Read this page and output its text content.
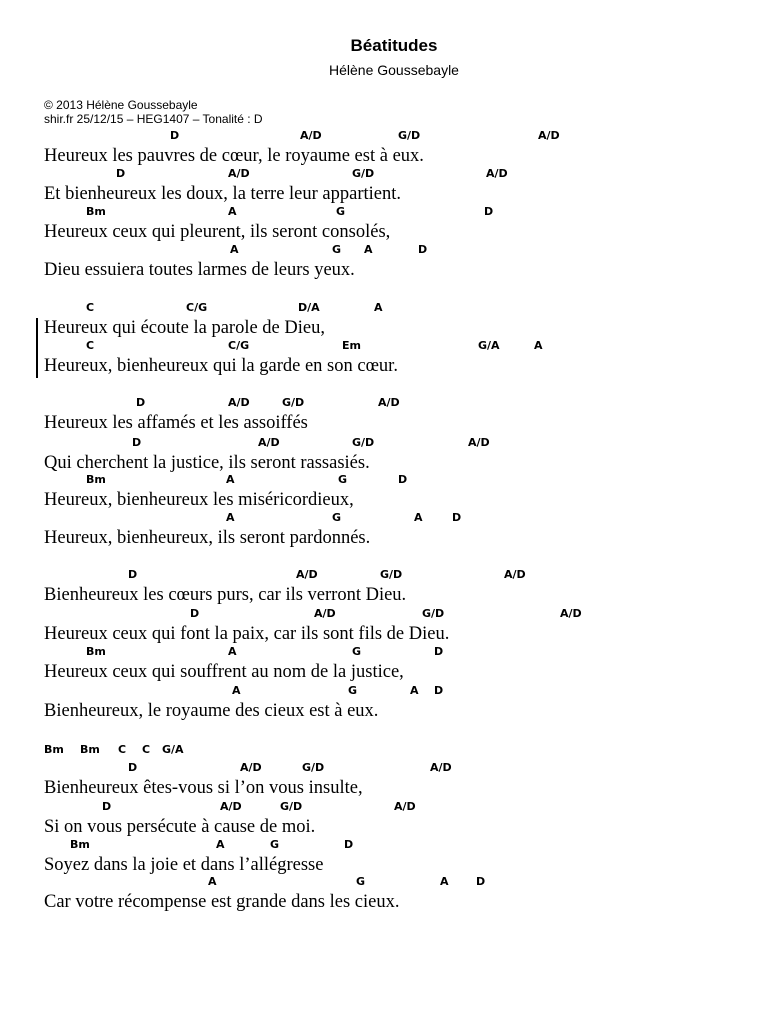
Béatitudes
Hélène Goussebayle
© 2013 Hélène Goussebayle
shir.fr 25/12/15 – HEG1407 – Tonalité : D
Heureux les pauvres de cœur, le royaume est à eux.
D	A/D	G/D	A/D
Et bienheureux les doux, la terre leur appartient.
D	A/D	G/D	A/D
Heureux ceux qui pleurent, ils seront consolés,
Bm	A	G	D
Dieu essuiera toutes larmes de leurs yeux.
A	G A	D
Heureux qui écoute la parole de Dieu,
C	C/G	D/A	A
Heureux, bienheureux qui la garde en son cœur.
C	C/G	Em	G/A	A
Heureux les affamés et les assoiffés
D	A/D	G/D	A/D
Qui cherchent la justice, ils seront rassasiés.
D	A/D	G/D	A/D
Heureux, bienheureux les miséricordieux,
Bm	A	G	D
Heureux, bienheureux, ils seront pardonnés.
A	G	A	D
Bienheureux les cœurs purs, car ils verront Dieu.
D	A/D	G/D	A/D
Heureux ceux qui font la paix, car ils sont fils de Dieu.
D	A/D	G/D	A/D
Heureux ceux qui souffrent au nom de la justice,
Bm	A	G	D
Bienheureux, le royaume des cieux est à eux.
A	G	A D
Bienheureux êtes-vous si l’on vous insulte,
D	A/D	G/D	A/D
Si on vous persécute à cause de moi.
D	A/D	G/D	A/D
Soyez dans la joie et dans l’allégresse
Bm	A	G	D
Car votre récompense est grande dans les cieux.
A	G	A D
Bm Bm C C G/A
